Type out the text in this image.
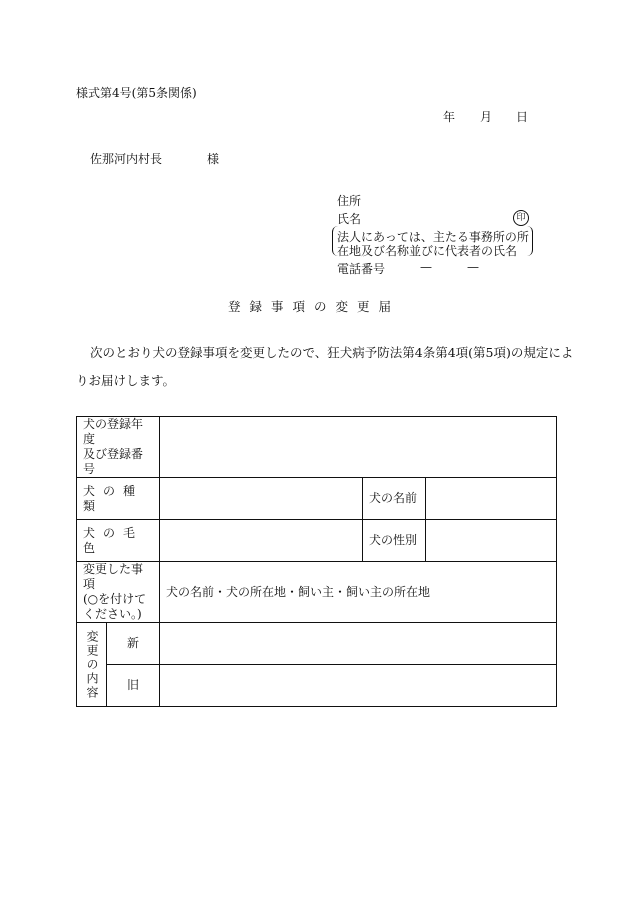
様式第4号(第5条関係)
年 月 日
佐那河内村長	様
住所
氏名	印
法人にあっては、主たる事務所の所
在地及び名称並びに代表者の氏名
電話番号	—	—
登録事項の変更届
次のとおり犬の登録事項を変更したので、狂犬病予防法第4条第4項(第5項)の規定によ
りお届けします。
犬の登録年度
及び登録番号				

犬の種類			犬の名前	
犬の毛色			犬の性別	

変更した事項
(○を付けて
ください。)		犬の名前・犬の所在地・飼い主・飼い主の所在地		

変更の内容	新			
	旧			
